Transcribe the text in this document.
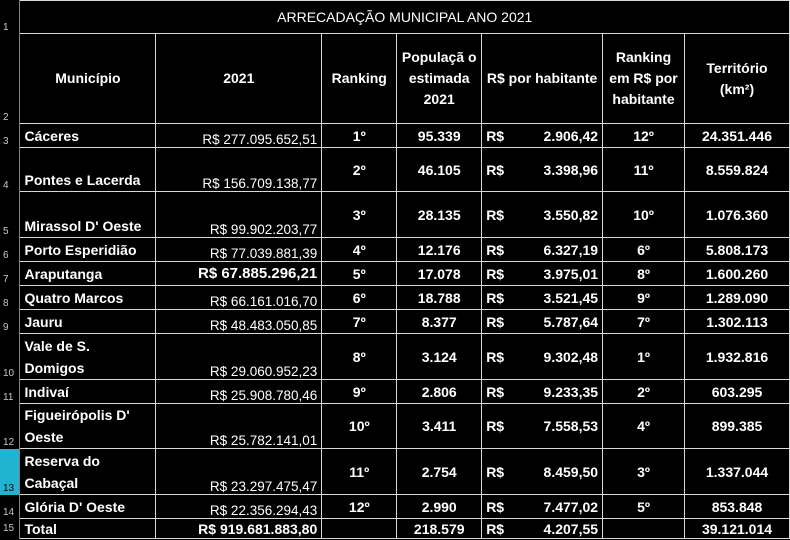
1	ARRECADAÇÃO MUNICIPAL ANO 2021						
2	Município	2021	Ranking	Populaçã o estimada 2021	R$ por habitante	Ranking em R$ por habitante	Território (km²)
3	Cáceres	R$ 277.095.652,51	1º	95.339	R$ 2.906,42	12º	24.351.446
4	Pontes e Lacerda	R$ 156.709.138,77	2º	46.105	R$ 3.398,96	11º	8.559.824
5	Mirassol D' Oeste	R$ 99.902.203,77	3º	28.135	R$ 3.550,82	10º	1.076.360
6	Porto Esperidião	R$ 77.039.881,39	4º	12.176	R$ 6.327,19	6º	5.808.173
7	Araputanga	R$ 67.885.296,21	5º	17.078	R$ 3.975,01	8º	1.600.260
8	Quatro Marcos	R$ 66.161.016,70	6º	18.788	R$ 3.521,45	9º	1.289.090
9	Jauru	R$ 48.483.050,85	7º	8.377	R$ 5.787,64	7º	1.302.113
10	Vale de S. Domigos	R$ 29.060.952,23	8º	3.124	R$ 9.302,48	1º	1.932.816
11	Indivaí	R$ 25.908.780,46	9º	2.806	R$ 9.233,35	2º	603.295
12	Figueirópolis D' Oeste	R$ 25.782.141,01	10º	3.411	R$ 7.558,53	4º	899.385
13	Reserva do Cabaçal	R$ 23.297.475,47	11º	2.754	R$ 8.459,50	3º	1.337.044
14	Glória D' Oeste	R$ 22.356.294,43	12º	2.990	R$ 7.477,02	5º	853.848
15	Total	R$ 919.681.883,80		218.579	R$ 4.207,55		39.121.014
